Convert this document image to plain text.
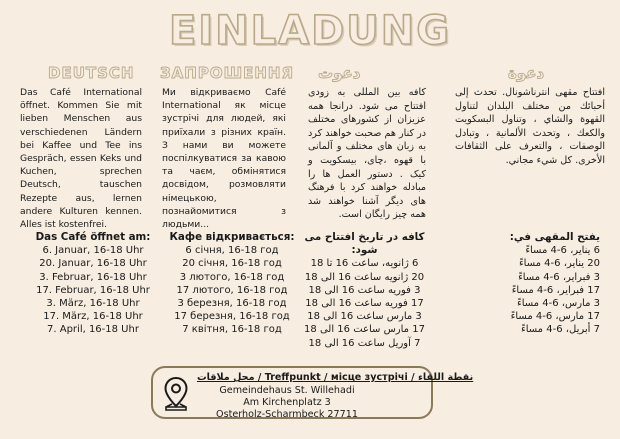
EINLADUNG
DEUTSCH ЗАПРОШЕННЯ دعوت	دعوة
Das Café International öffnet. Kommen Sie mit lieben Menschen aus verschiedenen Ländern bei Kaffee und Tee ins Gespräch, essen Keks und Kuchen, sprechen Deutsch, tauschen Rezepte aus, lernen andere Kulturen kennen. Alles ist kostenfrei.
Ми відкриваємо Café International як місце зустрічі для людей, які приїхали з різних країн. З нами ви можете поспілкуватися за кавою та чаєм, обмінятися досвідом, розмовляти німецькою, познайомитися з людьми...
کافه بین المللی به زودی افتتاح می شود. درانجا همه عزیزان از کشورهای مختلف در کنار هم صحبت خواهند کرد به زبان های مختلف و آلمانی با قهوه ،چای، بیسکویت و کیک . دستور العمل ها را مبادله خواهند کرد با فرهنگ های دیگر آشنا خواهند شد همه چیز رایگان است.
افتتاح مقهى انترناشونال. تحدث إلى أحبائك من مختلف البلدان لتناول القهوة والشاي ، وتناول البسكويت والكعك ، وتحدث الألمانية ، وتبادل الوصفات ، والتعرف على الثقافات الأخرى. كل شيء مجاني.
Das Café öffnet am:
6. Januar, 16-18 Uhr
20. Januar, 16-18 Uhr
3. Februar, 16-18 Uhr
17. Februar, 16-18 Uhr
3. März, 16-18 Uhr
17. März, 16-18 Uhr
7. April, 16-18 Uhr
Кафе відкривається:
6 січня, 16-18 год
20 січня, 16-18 год
3 лютого, 16-18 год
17 лютого, 16-18 год
3 березня, 16-18 год
17 березня, 16-18 год
7 квітня, 16-18 год
کافه در تاریخ افتتاح می شود:
6 ژانویه، ساعت 16 تا 18
20 ژانویه ساعت 16 الی 18
3 فوریه ساعت 16 الی 18
17 فوریه ساعت 16 الی 18
3 مارس ساعت 16 الی 18
17 مارس ساعت 16 الی 18
7 آوریل ساعت 16 الی 18
يفتح المقهى في:
6 يناير، 6-4 مساءً
20 يناير، 6-4 مساءً
3 فبراير، 6-4 مساءً
17 فبراير، 6-4 مساءً
3 مارس، 6-4 مساءً
17 مارس، 6-4 مساءً
7 أبريل، 6-4 مساءً
محل ملاقات / Treffpunkt / місце зустрічі / نقطة اللقاء
Gemeindehaus St. Willehadi
Am Kirchenplatz 3
Osterholz-Scharmbeck 27711
